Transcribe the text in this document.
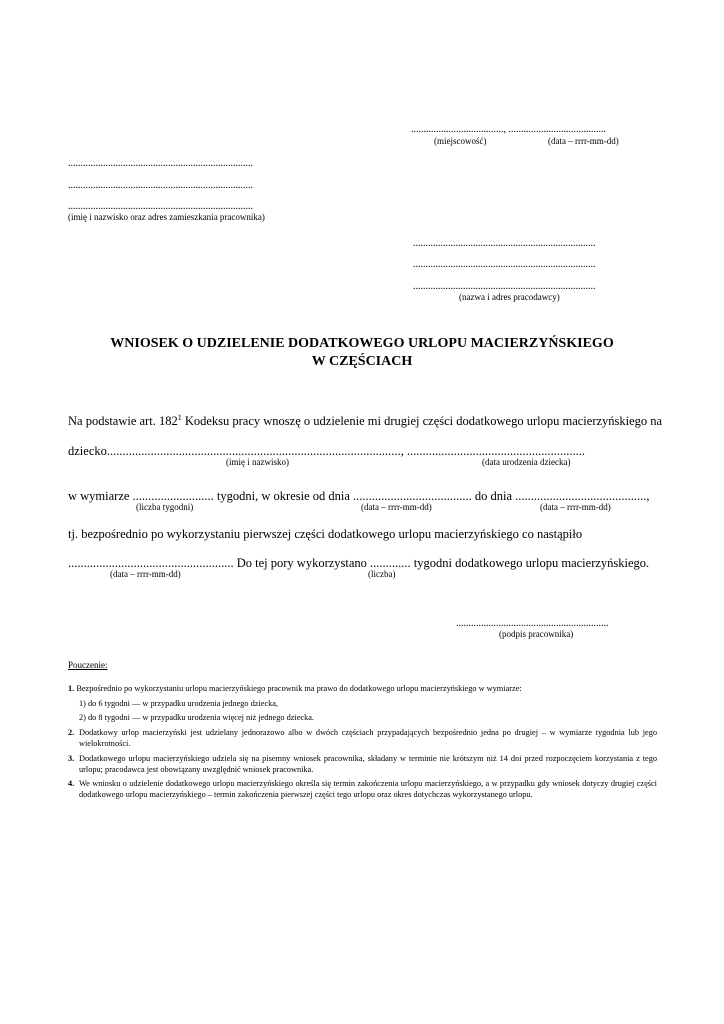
....................................., .......................................
(miejscowość)	(data – rrrr-mm-dd)
..........................................................................
..........................................................................
..........................................................................
(imię i nazwisko oraz adres zamieszkania pracownika)
.........................................................................
.........................................................................
.........................................................................
(nazwa i adres pracodawcy)
WNIOSEK O UDZIELENIE DODATKOWEGO URLOPU MACIERZYŃSKIEGO
W CZĘŚCIACH
Na podstawie art. $182^1$ Kodeksu pracy wnoszę o udzielenie mi drugiej części dodatkowego urlopu macierzyńskiego na
dziecko.............................................................................................., .........................................................
(imię i nazwisko)	(data urodzenia dziecka)
w wymiarze .......................... tygodni, w okresie od dnia ...................................... do dnia ..........................................,
(liczba tygodni)	(data – rrrr-mm-dd)	(data – rrrr-mm-dd)
tj. bezpośrednio po wykorzystaniu pierwszej części dodatkowego urlopu macierzyńskiego co nastąpiło
..................................................... Do tej pory wykorzystano ............. tygodni dodatkowego urlopu macierzyńskiego.
(data – rrrr-mm-dd)	(liczba)
.............................................................
(podpis pracownika)
Pouczenie:
1. Bezpośrednio po wykorzystaniu urlopu macierzyńskiego pracownik ma prawo do dodatkowego urlopu macierzyńskiego w wymiarze:
1) do 6 tygodni — w przypadku urodzenia jednego dziecka,
2) do 8 tygodni — w przypadku urodzenia więcej niż jednego dziecka.
2. Dodatkowy urlop macierzyński jest udzielany jednorazowo albo w dwóch częściach przypadających bezpośrednio jedna po drugiej – w wymiarze tygodnia lub jego wielokrotności.
3. Dodatkowego urlopu macierzyńskiego udziela się na pisemny wniosek pracownika, składany w terminie nie krótszym niż 14 dni przed rozpoczęciem korzystania z tego urlopu; pracodawca jest obowiązany uwzględnić wniosek pracownika.
4. We wniosku o udzielenie dodatkowego urlopu macierzyńskiego określa się termin zakończenia urlopu macierzyńskiego, a w przypadku gdy wniosek dotyczy drugiej części dodatkowego urlopu macierzyńskiego – termin zakończenia pierwszej części tego urlopu oraz okres dotychczas wykorzystanego urlopu.
